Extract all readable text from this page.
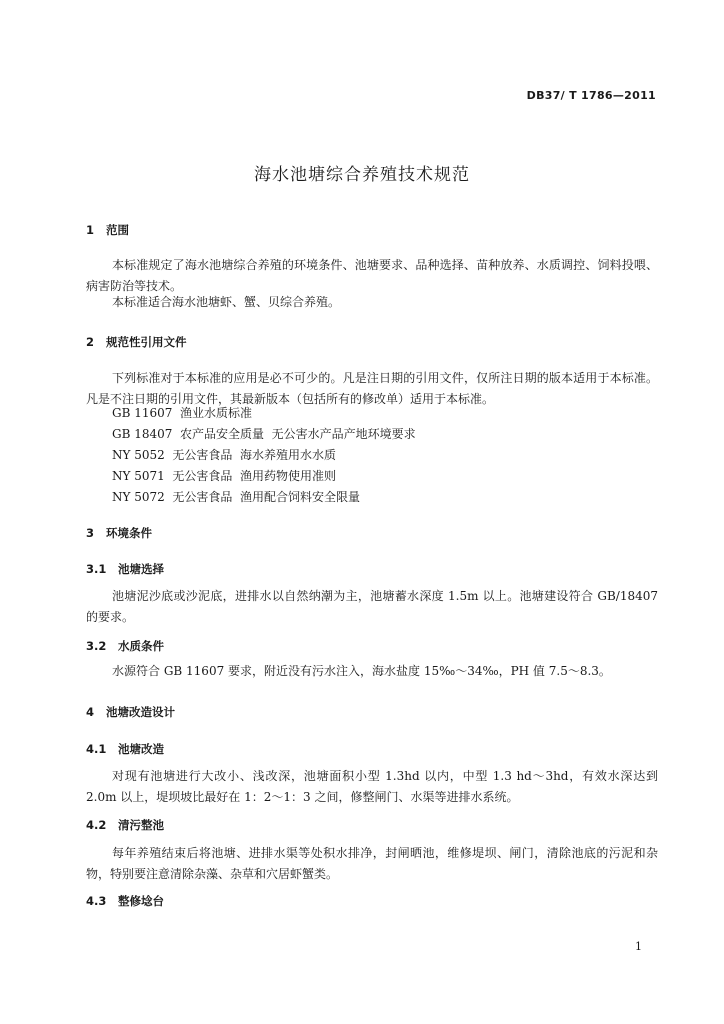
DB37/ T 1786—2011
海水池塘综合养殖技术规范
1 范围

本标准规定了海水池塘综合养殖的环境条件、池塘要求、品种选择、苗种放养、水质调控、饲料投喂、病害防治等技术。

本标准适合海水池塘虾、蟹、贝综合养殖。

2 规范性引用文件

下列标准对于本标准的应用是必不可少的。凡是注日期的引用文件，仅所注日期的版本适用于本标准。凡是不注日期的引用文件，其最新版本（包括所有的修改单）适用于本标准。

GB 11607  渔业水质标准
GB 18407  农产品安全质量  无公害水产品产地环境要求
NY 5052  无公害食品  海水养殖用水水质
NY 5071  无公害食品  渔用药物使用准则
NY 5072  无公害食品  渔用配合饲料安全限量
3 环境条件
3.1 池塘选择

池塘泥沙底或沙泥底，进排水以自然纳潮为主，池塘蓄水深度 1.5m 以上。池塘建设符合 GB/18407 的要求。

3.2 水质条件

水源符合 GB 11607 要求，附近没有污水注入，海水盐度 15‰～34‰，PH 值 7.5～8.3。

4 池塘改造设计
4.1 池塘改造

对现有池塘进行大改小、浅改深，池塘面积小型 1.3hd 以内，中型 1.3 hd～3hd，有效水深达到 2.0m 以上，堤坝坡比最好在 1：2～1：3 之间，修整闸门、水渠等进排水系统。

4.2 清污整池

每年养殖结束后将池塘、进排水渠等处积水排净，封闸晒池，维修堤坝、闸门，清除池底的污泥和杂物，特别要注意清除杂藻、杂草和穴居虾蟹类。

4.3 整修埝台
1
